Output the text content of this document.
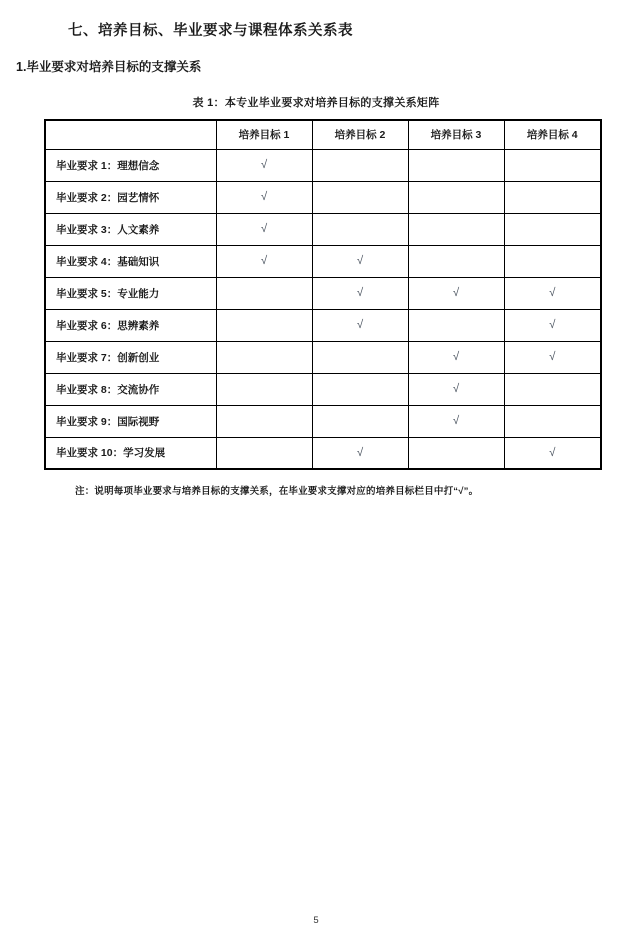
七、培养目标、毕业要求与课程体系关系表
1.毕业要求对培养目标的支撑关系
表 1：本专业毕业要求对培养目标的支撑关系矩阵
	培养目标 1	培养目标 2	培养目标 3	培养目标 4
毕业要求 1：理想信念	√			
毕业要求 2：园艺情怀	√			
毕业要求 3：人文素养	√			
毕业要求 4：基础知识	√	√		
毕业要求 5：专业能力		√	√	√
毕业要求 6：思辨素养		√		√
毕业要求 7：创新创业			√	√
毕业要求 8：交流协作			√	
毕业要求 9：国际视野			√	
毕业要求 10：学习发展		√		√
注：说明每项毕业要求与培养目标的支撑关系，在毕业要求支撑对应的培养目标栏目中打“√”。
5
